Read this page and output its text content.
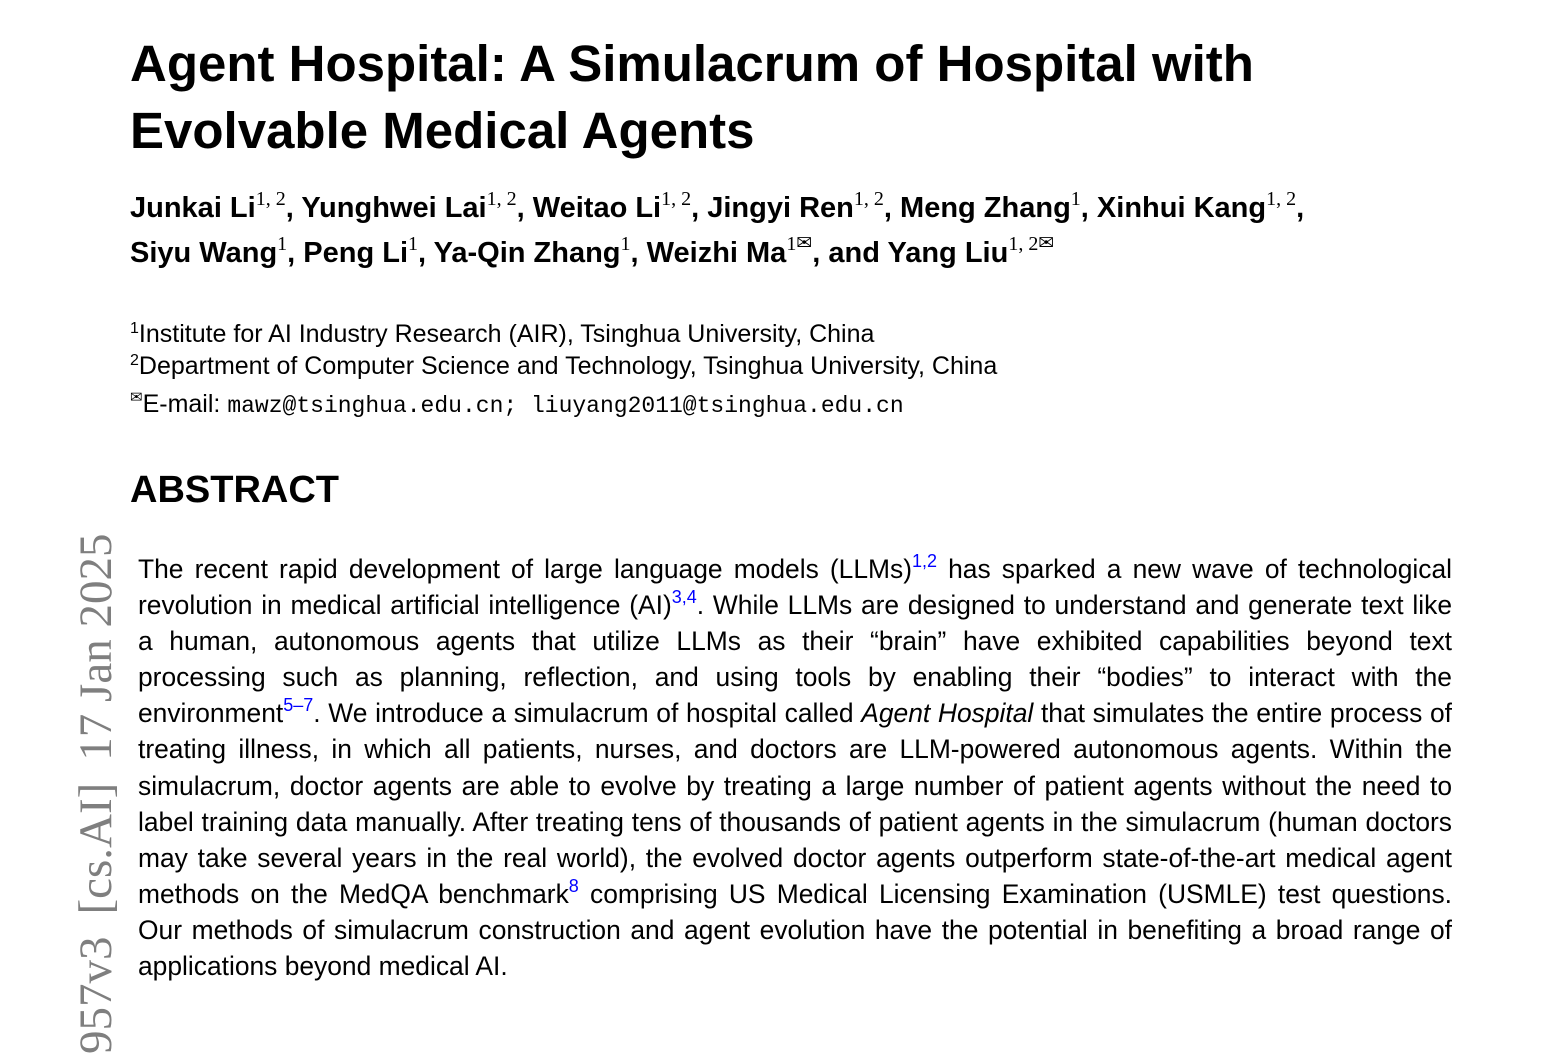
Agent Hospital: A Simulacrum of Hospital with
Evolvable Medical Agents
Junkai Li$^{1, 2}$, Yunghwei Lai$^{1, 2}$, Weitao Li$^{1, 2}$, Jingyi Ren$^{1, 2}$, Meng Zhang$^1$, Xinhui Kang$^{1, 2}$,
Siyu Wang$^1$, Peng Li$^1$, Ya-Qin Zhang$^1$, Weizhi Ma$^1$✉, and Yang Liu$^{1, 2}$✉
$^1$Institute for AI Industry Research (AIR), Tsinghua University, China
$^2$Department of Computer Science and Technology, Tsinghua University, China
✉E-mail: mawz@tsinghua.edu.cn; liuyang2011@tsinghua.edu.cn
ABSTRACT

The recent rapid development of large language models (LLMs)$^{1,2}$ has sparked a new wave of technological revolution in medical artificial intelligence (AI)$^{3,4}$. While LLMs are designed to understand and generate text like a human, autonomous agents that utilize LLMs as their “brain” have exhibited capabilities beyond text processing such as planning, reflection, and using tools by enabling their “bodies” to interact with the environment$^{5-7}$. We introduce a simulacrum of hospital called Agent Hospital that simulates the entire process of treating illness, in which all patients, nurses, and doctors are LLM-powered autonomous agents. Within the simulacrum, doctor agents are able to evolve by treating a large number of patient agents without the need to label training data manually. After treating tens of thousands of patient agents in the simulacrum (human doctors may take several years in the real world), the evolved doctor agents outperform state-of-the-art medical agent methods on the MedQA benchmark$^8$ comprising US Medical Licensing Examination (USMLE) test questions. Our methods of simulacrum construction and agent evolution have the potential in benefiting a broad range of applications beyond medical AI.

957v3[cs.AI]17 Jan 2025
